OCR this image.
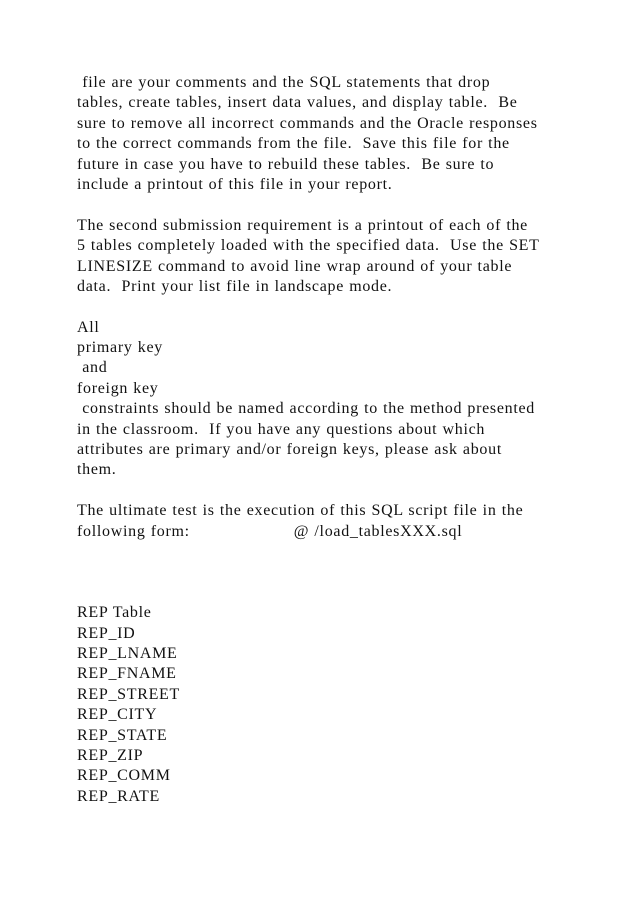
file are your comments and the SQL statements that drop
tables, create tables, insert data values, and display table.  Be
sure to remove all incorrect commands and the Oracle responses
to the correct commands from the file.  Save this file for the
future in case you have to rebuild these tables.  Be sure to
include a printout of this file in your report.
The second submission requirement is a printout of each of the
5 tables completely loaded with the specified data.  Use the SET
LINESIZE command to avoid line wrap around of your table
data.  Print your list file in landscape mode.
All
primary key
and
foreign key
constraints should be named according to the method presented
in the classroom.  If you have any questions about which
attributes are primary and/or foreign keys, please ask about
them.
The ultimate test is the execution of this SQL script file in the
following form:                    @ /load_tablesXXX.sql
REP Table
REP_ID
REP_LNAME
REP_FNAME
REP_STREET
REP_CITY
REP_STATE
REP_ZIP
REP_COMM
REP_RATE
